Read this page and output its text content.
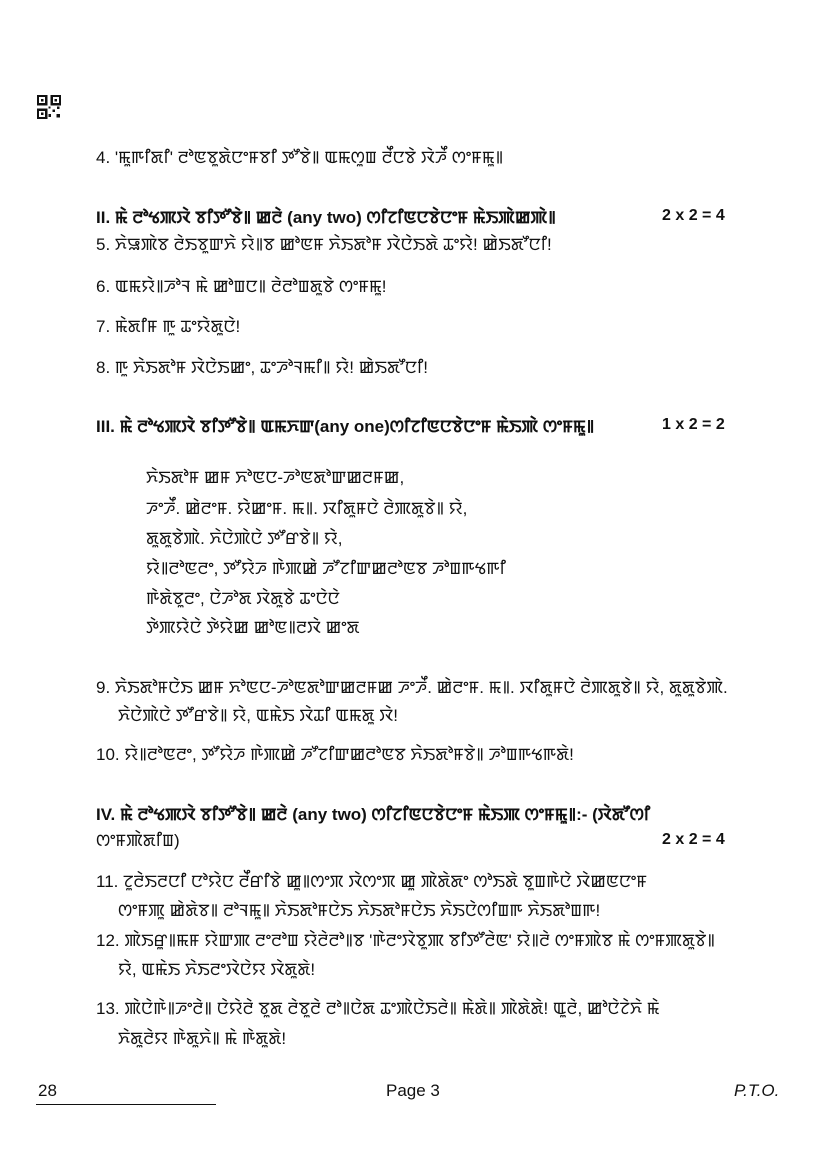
4. 'ꯃꯨꯒꯤꯗꯤ' ꯂꯣꯟꯕꯨꯗꯥꯅꯦꯝꯕꯤ ꯇꯧꯕꯥ꯫ ꯑꯃꯁꯨꯡ ꯂꯩꯅꯕꯥ ꯋꯥꯍꯩ ꯁꯦꯝꯃꯨ꯫
II. ꯃꯥ ꯂꯣꯠꯄꯋꯥ ꯕꯤꯇꯧꯕꯥ꯫ ꯀꯂꯥ (any two) ꯁꯤꯖꯤꯟꯅꯕꯥꯅꯦꯝ ꯃꯥꯏꯄꯥꯀꯄꯥ꯫	2 x 2 = 4
5. ꯈꯥꯎꯄꯥꯕ ꯂꯥꯏꯕꯨꯛꯈꯥ ꯌꯥ꯫ꯕ ꯀꯣꯟꯝ ꯈꯥꯏꯗꯣꯝ ꯋꯥꯅꯥꯏꯗꯥ ꯊꯦꯌꯥ! ꯀꯥꯏꯗꯧꯅꯤ!
6. ꯑꯃꯌꯥ꯫ꯍꯣꯜ ꯃꯥ ꯀꯣꯡꯅ꯫ ꯂꯥꯂꯣꯡꯗꯨꯕꯥ ꯁꯦꯝꯃꯨ!
7. ꯃꯥꯗꯤꯝ ꯒꯨ ꯊꯦꯌꯥꯗꯨꯅꯥ!
8. ꯒꯨ ꯈꯥꯏꯗꯣꯝ ꯋꯥꯅꯥꯏꯀꯦ, ꯊꯦꯍꯣꯜꯃꯤ꯫ ꯌꯥ! ꯀꯥꯏꯗꯧꯅꯤ!
III. ꯃꯥ ꯂꯣꯠꯄꯋꯥ ꯕꯤꯇꯧꯕꯥ꯫ ꯑꯃꯈꯛ(any one)ꯁꯤꯖꯤꯟꯅꯕꯥꯅꯦꯝ ꯃꯥꯏꯄꯥ ꯁꯦꯝꯃꯨ꯫	1 x 2 = 2
ꯈꯥꯏꯗꯣꯝ ꯀꯝ ꯈꯣꯟꯅ-ꯍꯣꯟꯗꯣꯛꯀꯂꯝꯀ,
ꯍꯦꯍꯩ. ꯀꯥꯂꯦꯝ. ꯌꯥꯀꯦꯝ. ꯃ꯫. ꯋꯤꯗꯨꯝꯅꯥ ꯂꯥꯄꯗꯨꯕꯥ꯫ ꯌꯥ,
ꯗꯨꯗꯨꯕꯥꯄꯥ. ꯈꯥꯅꯥꯄꯥꯅꯥ ꯇꯧꯔꯕꯥ꯫ ꯌꯥ,
ꯌꯥ꯫ꯂꯣꯟꯂꯦ, ꯇꯧꯌꯥꯍ ꯒꯥꯄꯀꯥ ꯍꯧꯖꯤꯛꯀꯂꯣꯟꯕ ꯍꯣꯡꯒꯠꯒꯤ
ꯒꯥꯗꯥꯕꯨꯂꯦ, ꯅꯥꯍꯣꯗ ꯋꯥꯗꯨꯕꯥ ꯊꯦꯅꯥꯅꯥ
ꯇꯥꯄꯌꯥꯅꯥ ꯇꯥꯌꯥꯀ ꯀꯣꯟ꯫ꯂꯋꯥ ꯀꯦꯗ
9. ꯈꯥꯏꯗꯣꯝꯅꯥꯏ ꯀꯝ ꯈꯣꯟꯅ-ꯍꯣꯟꯗꯣꯛꯀꯂꯝꯀ ꯍꯦꯍꯩ. ꯀꯥꯂꯦꯝ. ꯃ꯫. ꯋꯤꯗꯨꯝꯅꯥ ꯂꯥꯄꯗꯨꯕꯥ꯫ ꯌꯥ, ꯗꯨꯗꯨꯕꯥꯄꯥ.
ꯈꯥꯅꯥꯄꯥꯅꯥ ꯇꯧꯔꯕꯥ꯫ ꯌꯥ, ꯑꯃꯥꯏ ꯋꯥꯊꯤ ꯑꯃꯗꯨ ꯋꯥ!
10. ꯌꯥ꯫ꯂꯣꯟꯂꯦ, ꯇꯧꯌꯥꯍ ꯒꯥꯄꯀꯥ ꯍꯧꯖꯤꯛꯀꯂꯣꯟꯕ ꯈꯥꯏꯗꯣꯝꯕꯥ꯫ ꯍꯣꯡꯒꯠꯒꯗꯥ!
IV. ꯃꯥ ꯂꯣꯠꯄꯋꯥ ꯕꯤꯇꯧꯕꯥ꯫ ꯀꯂꯥ (any two) ꯁꯤꯖꯤꯟꯅꯕꯥꯅꯦꯝ ꯃꯥꯏꯄ ꯁꯦꯝꯃꯨ꯫:- (ꯋꯥꯗꯧꯁꯤ
ꯁꯦꯝꯄꯥꯗꯤꯡ)	2 x 2 = 4
11. ꯖꯨꯂꯥꯏꯂꯅꯤ ꯅꯣꯌꯥꯅ ꯂꯩꯔꯤꯕꯥ ꯀꯨ꯫ꯁꯦꯞ ꯋꯥꯁꯦꯞ ꯀꯨ ꯄꯥꯗꯥꯗꯦ ꯁꯣꯏꯗꯥ ꯕꯨꯡꯒꯥꯅꯥ ꯋꯥꯀꯟꯅꯦꯝ
ꯁꯦꯝꯄꯨ ꯀꯥꯗꯥꯕ꯫ ꯂꯣꯜꯃꯨ꯫ ꯈꯥꯏꯗꯣꯝꯅꯥꯏ ꯈꯥꯏꯗꯣꯝꯅꯥꯏ ꯈꯥꯏꯅꯥꯁꯤꯡꯒ ꯈꯥꯏꯗꯣꯡꯒ!
12. ꯄꯥꯏꯔꯨ꯫ꯃꯝ ꯌꯥꯛꯄ ꯂꯦꯂꯣꯡ ꯌꯥꯂꯥꯂꯣ꯫ꯕ 'ꯒꯥꯂꯦꯋꯥꯕꯨꯄ ꯕꯤꯇꯧꯂꯥꯟ' ꯌꯥ꯫ꯂꯥ ꯁꯦꯝꯄꯥꯕ ꯃꯥ ꯁꯦꯝꯄꯗꯨꯕꯥ꯫
ꯌꯥ, ꯑꯃꯥꯏ ꯈꯥꯏꯂꯦꯋꯥꯅꯥꯌ ꯋꯥꯗꯨꯗꯥ!
13. ꯄꯥꯅꯥꯒꯥ꯫ꯍꯦꯂꯥ꯫ ꯅꯥꯌꯥꯂꯥ ꯕꯨꯗ ꯂꯥꯕꯨꯂꯥ ꯂꯣ꯫ꯅꯥꯗ ꯊꯦꯄꯥꯅꯥꯏꯂꯥ꯫ ꯃꯥꯗꯥ꯫ ꯄꯥꯗꯥꯗꯥ! ꯑꯨꯂꯥ, ꯀꯣꯅꯥꯖꯥꯈꯥ ꯃꯥ
ꯈꯥꯗꯨꯂꯥꯌ ꯒꯥꯗꯨꯈꯥ꯫ ꯃꯥ ꯒꯥꯗꯨꯗꯥ!
28	Page 3	P.T.O.
